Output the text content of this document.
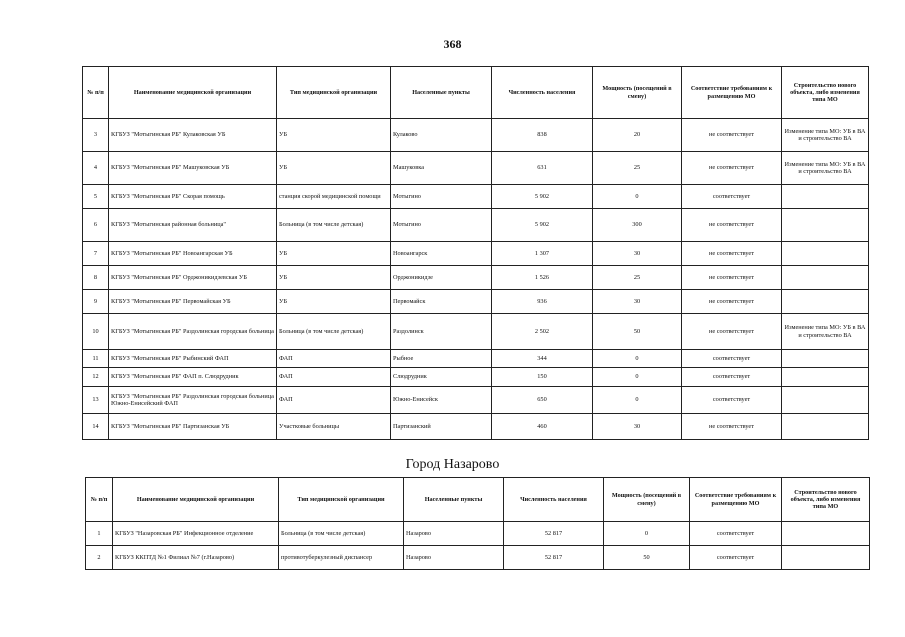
368
№ п/п	Наименование медицинской организации	Тип медицинской организации	Населенные пункты	Численность населения	Мощность (посещений в смену)	Соответствие требованиям к размещению МО	Строительство нового объекта, либо изменения типа МО
3	КГБУЗ "Мотыгинская РБ" Кулаковская УБ	УБ	Кулаково	838	20	не соответствует	Изменение типа МО: УБ в ВА и строительство ВА
4	КГБУЗ "Мотыгинская РБ" Машуковская УБ	УБ	Машуковка	631	25	не соответствует	Изменение типа МО: УБ в ВА и строительство ВА
5	КГБУЗ "Мотыгинская РБ" Скорая помощь	станция скорой медицинской помощи	Мотыгино	5 902	0	соответствует	
6	КГБУЗ "Мотыгинская районная больница"	Больница (в том числе детская)	Мотыгино	5 902	300	не соответствует	
7	КГБУЗ "Мотыгинская РБ" Новоангарская УБ	УБ	Новоангарск	1 307	30	не соответствует	
8	КГБУЗ "Мотыгинская РБ" Орджоникидзевская УБ	УБ	Орджоникидзе	1 526	25	не соответствует	
9	КГБУЗ "Мотыгинская РБ" Первомайская УБ	УБ	Первомайск	936	30	не соответствует	
10	КГБУЗ "Мотыгинская РБ" Раздолинская городская больница	Больница (в том числе детская)	Раздолинск	2 502	50	не соответствует	Изменение типа МО: УБ в ВА и строительство ВА
11	КГБУЗ "Мотыгинская РБ" Рыбинский ФАП	ФАП	Рыбное	344	0	соответствует	
12	КГБУЗ "Мотыгинская РБ" ФАП п. Слюдрудник	ФАП	Слюдрудник	150	0	соответствует	
13	КГБУЗ "Мотыгинская РБ" Раздолинская городская больница Южно-Енисейский ФАП	ФАП	Южно-Енисейск	650	0	соответствует	
14	КГБУЗ "Мотыгинская РБ" Партизанская УБ	Участковые больницы	Партизанский	460	30	не соответствует	
Город Назарово
№ п/п	Наименование медицинской организации	Тип медицинской организации	Населенные пункты	Численность населения	Мощность (посещений в смену)	Соответствие требованиям к размещению МО	Строительство нового объекта, либо изменения типа МО
1	КГБУЗ "Назаровская РБ" Инфекционное отделение	Больница (в том числе детская)	Назарово	52 817	0	соответствует	
2	КГБУЗ ККПТД №1 Филиал №7 (г.Назарово)	противотуберкулезный диспансер	Назарово	52 817	50	соответствует	
